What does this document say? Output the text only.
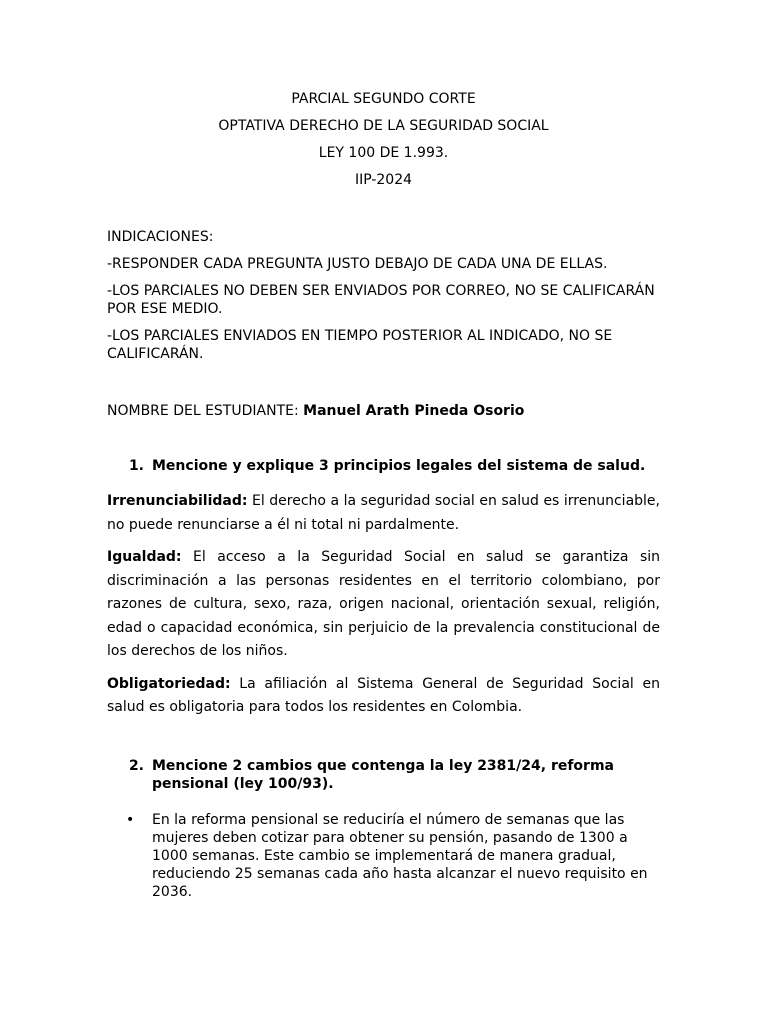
PARCIAL SEGUNDO CORTE
OPTATIVA DERECHO DE LA SEGURIDAD SOCIAL
LEY 100 DE 1.993.
IIP-2024
INDICACIONES:
-RESPONDER CADA PREGUNTA JUSTO DEBAJO DE CADA UNA DE ELLAS.
-LOS PARCIALES NO DEBEN SER ENVIADOS POR CORREO, NO SE CALIFICARÁN POR ESE MEDIO.
-LOS PARCIALES ENVIADOS EN TIEMPO POSTERIOR AL INDICADO, NO SE CALIFICARÁN.
NOMBRE DEL ESTUDIANTE: Manuel Arath Pineda Osorio
1. Mencione y explique 3 principios legales del sistema de salud.

Irrenunciabilidad: El derecho a la seguridad social en salud es irrenunciable, no puede renunciarse a él ni total ni pardalmente.

Igualdad: El acceso a la Seguridad Social en salud se garantiza sin discriminación a las personas residentes en el territorio colombiano, por razones de cultura, sexo, raza, origen nacional, orientación sexual, religión, edad o capacidad económica, sin perjuicio de la prevalencia constitucional de los derechos de los niños.

Obligatoriedad: La afiliación al Sistema General de Seguridad Social en salud es obligatoria para todos los residentes en Colombia.

2. Mencione 2 cambios que contenga la ley 2381/24, reforma pensional (ley 100/93).
•	En la reforma pensional se reduciría el número de semanas que las mujeres deben cotizar para obtener su pensión, pasando de 1300 a 1000 semanas. Este cambio se implementará de manera gradual, reduciendo 25 semanas cada año hasta alcanzar el nuevo requisito en 2036.
